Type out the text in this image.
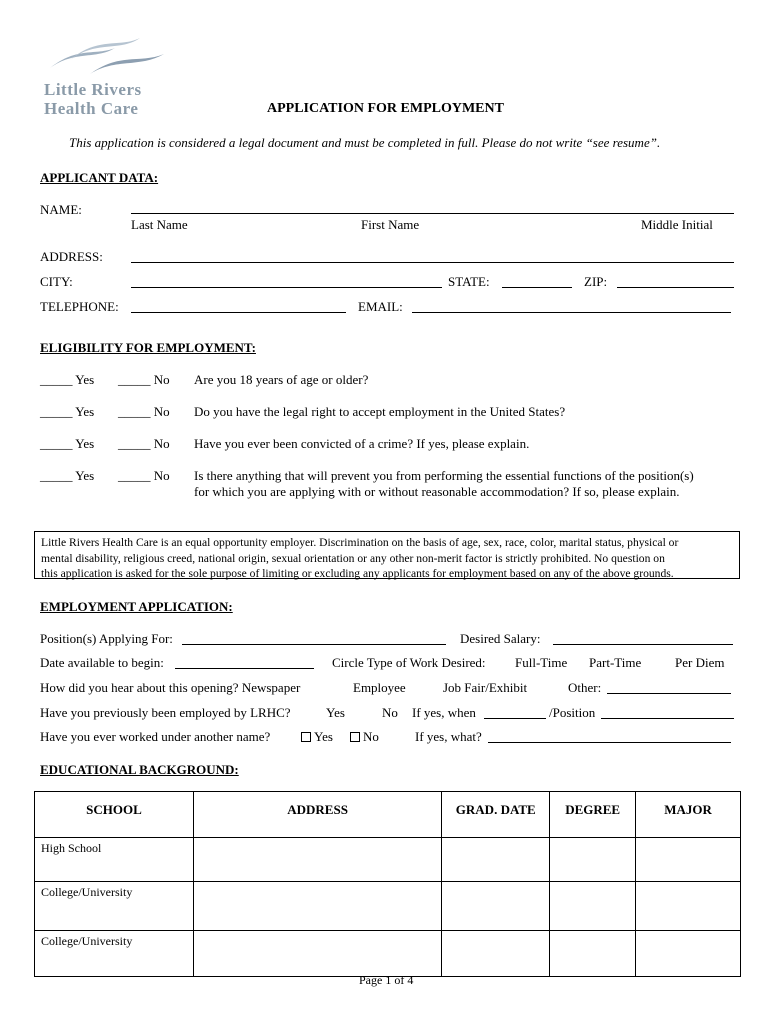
Little Rivers
Health Care	APPLICATION FOR EMPLOYMENT
This application is considered a legal document and must be completed in full. Please do not write “see resume”.
APPLICANT DATA:
NAME:
Last Name	First Name	Middle Initial
ADDRESS:
CITY:	STATE:	ZIP:
TELEPHONE:	EMAIL:
ELIGIBILITY FOR EMPLOYMENT:
_____ Yes _____ No Are you 18 years of age or older?
_____ Yes _____ No Do you have the legal right to accept employment in the United States?
_____ Yes _____ No Have you ever been convicted of a crime? If yes, please explain.
_____ Yes _____ No Is there anything that will prevent you from performing the essential functions of the position(s)
for which you are applying with or without reasonable accommodation? If so, please explain.
Little Rivers Health Care is an equal opportunity employer. Discrimination on the basis of age, sex, race, color, marital status, physical or
mental disability, religious creed, national origin, sexual orientation or any other non-merit factor is strictly prohibited. No question on
this application is asked for the sole purpose of limiting or excluding any applicants for employment based on any of the above grounds.
EMPLOYMENT APPLICATION:
Position(s) Applying For:	Desired Salary:
Date available to begin:	Circle Type of Work Desired: Full-Time Part-Time	Per Diem
How did you hear about this opening? Newspaper	Employee	Job Fair/Exhibit	Other:
Have you previously been employed by LRHC?	Yes	No If yes, when	/Position
Have you ever worked under another name?	Yes	No	If yes, what?
EDUCATIONAL BACKGROUND:
SCHOOL	ADDRESS	GRAD. DATE	DEGREE	MAJOR
High School				
College/University				
College/University				
Page 1 of 4
